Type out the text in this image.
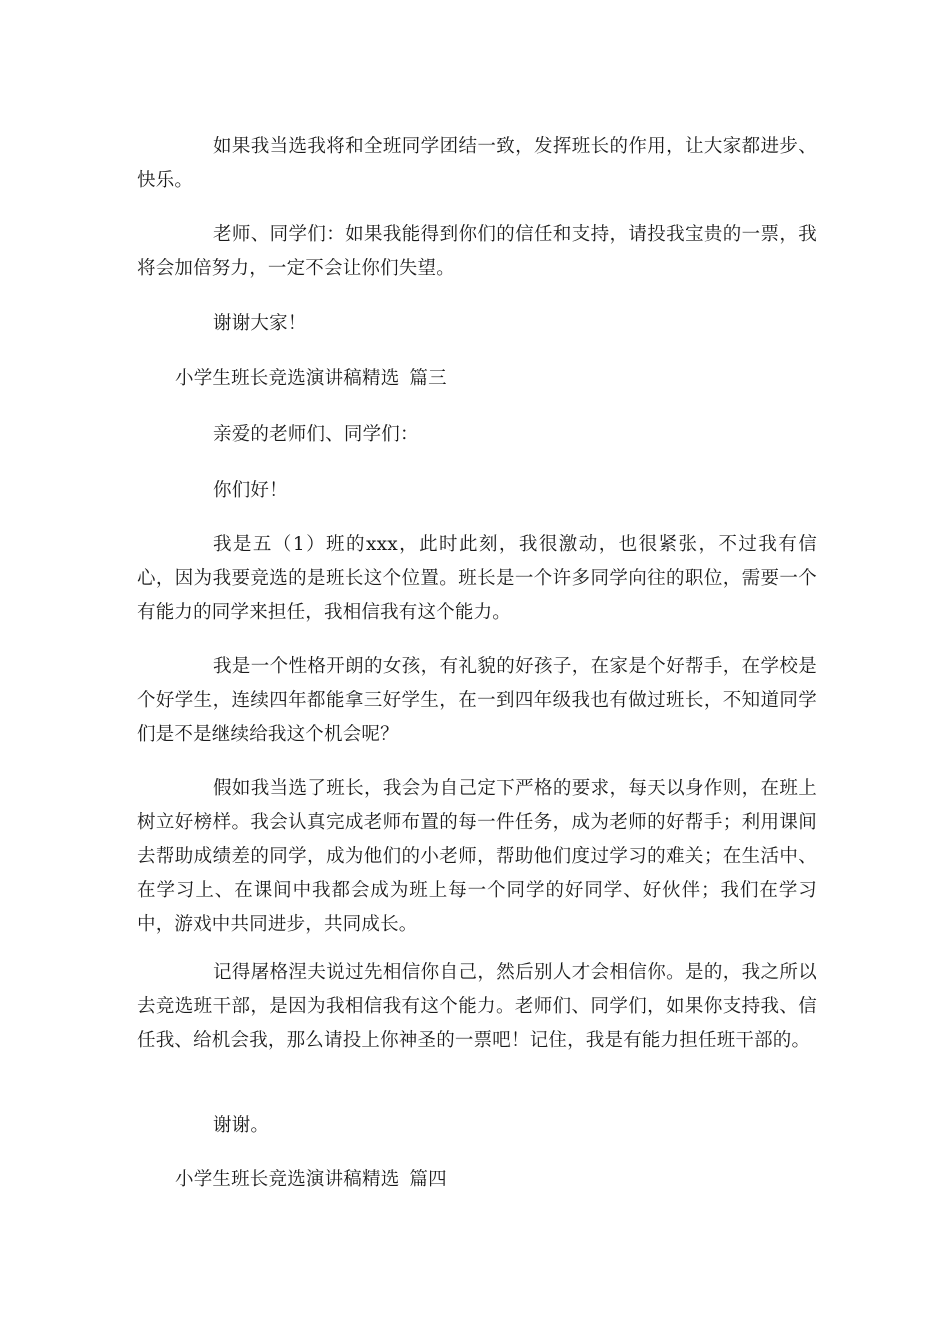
如果我当选我将和全班同学团结一致，发挥班长的作用，让大家都进步、快乐。

老师、同学们：如果我能得到你们的信任和支持，请投我宝贵的一票，我将会加倍努力，一定不会让你们失望。

谢谢大家！

小学生班长竞选演讲稿精选 篇三

亲爱的老师们、同学们：

你们好！

我是五（1）班的xxx，此时此刻，我很激动，也很紧张，不过我有信心，因为我要竞选的是班长这个位置。班长是一个许多同学向往的职位，需要一个有能力的同学来担任，我相信我有这个能力。

我是一个性格开朗的女孩，有礼貌的好孩子，在家是个好帮手，在学校是个好学生，连续四年都能拿三好学生，在一到四年级我也有做过班长，不知道同学们是不是继续给我这个机会呢？

假如我当选了班长，我会为自己定下严格的要求，每天以身作则，在班上树立好榜样。我会认真完成老师布置的每一件任务，成为老师的好帮手；利用课间去帮助成绩差的同学，成为他们的小老师，帮助他们度过学习的难关；在生活中、在学习上、在课间中我都会成为班上每一个同学的好同学、好伙伴；我们在学习中，游戏中共同进步，共同成长。

记得屠格涅夫说过先相信你自己，然后别人才会相信你。是的，我之所以去竞选班干部，是因为我相信我有这个能力。老师们、同学们，如果你支持我、信任我、给机会我，那么请投上你神圣的一票吧！记住，我是有能力担任班干部的。

谢谢。

小学生班长竞选演讲稿精选 篇四
